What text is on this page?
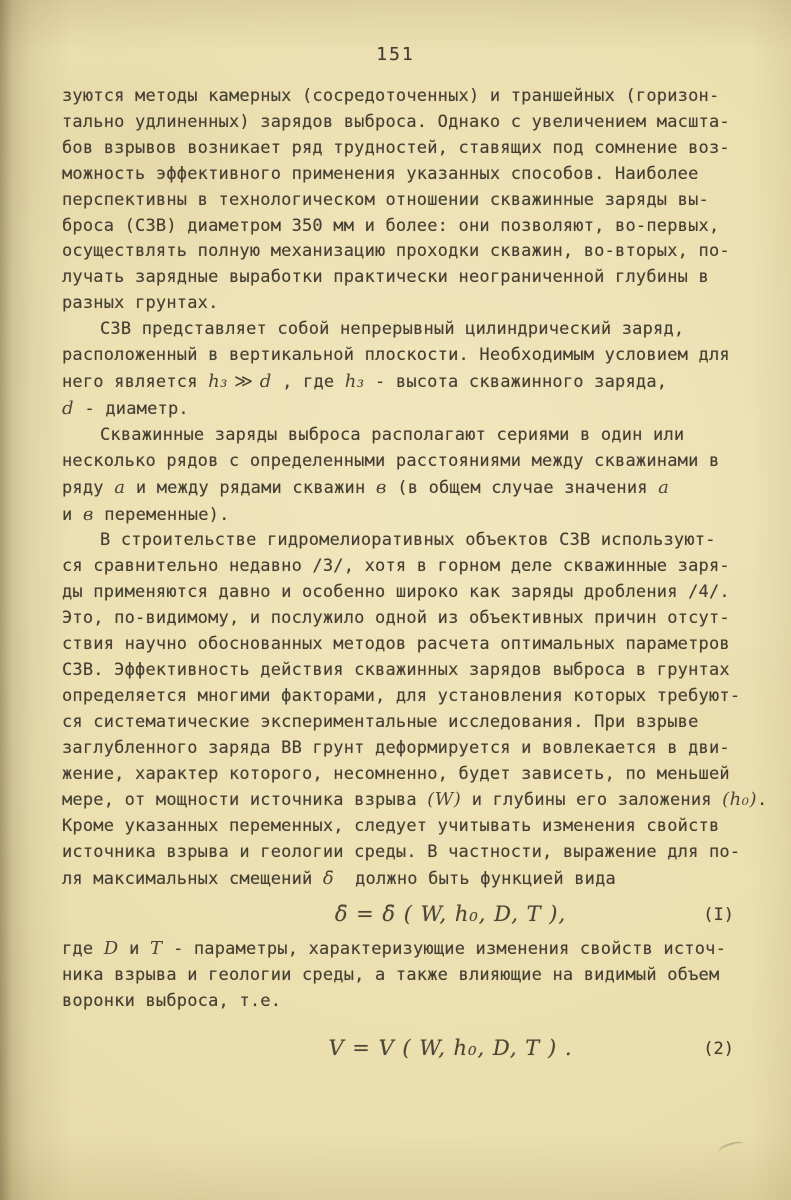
151
зуются методы камерных (сосредоточенных) и траншейных (горизон-
тально удлиненных) зарядов выброса. Однако с увеличением масшта-
бов взрывов возникает ряд трудностей, ставящих под сомнение воз-
можность эффективного применения указанных способов. Наиболее
перспективны в технологическом отношении скважинные заряды вы-
броса (СЗВ) диаметром 350 мм и более: они позволяют, во-первых,
осуществлять полную механизацию проходки скважин, во-вторых, по-
лучать зарядные выработки практически неограниченной глубины в
разных грунтах.
СЗВ представляет собой непрерывный цилиндрический заряд,
расположенный в вертикальной плоскости. Необходимым условием для
него является h₃ ≫ d , где h₃ - высота скважинного заряда,
d - диаметр.
Скважинные заряды выброса располагают сериями в один или
несколько рядов с определенными расстояниями между скважинами в
ряду а и между рядами скважин в (в общем случае значения а
и в переменные).
В строительстве гидромелиоративных объектов СЗВ используют-
ся сравнительно недавно /3/, хотя в горном деле скважинные заря-
ды применяются давно и особенно широко как заряды дробления /4/.
Это, по-видимому, и послужило одной из объективных причин отсут-
ствия научно обоснованных методов расчета оптимальных параметров
СЗВ. Эффективность действия скважинных зарядов выброса в грунтах
определяется многими факторами, для установления которых требуют-
ся систематические экспериментальные исследования. При взрыве
заглубленного заряда ВВ грунт деформируется и вовлекается в дви-
жение, характер которого, несомненно, будет зависеть, по меньшей
мере, от мощности источника взрыва (W) и глубины его заложения (h₀).
Кроме указанных переменных, следует учитывать изменения свойств
источника взрыва и геологии среды. В частности, выражение для по-
ля максимальных смещений δ̄  должно быть функцией вида
δ̄ = δ̄ ( W, h₀, D, T ),	(I)
где D и T - параметры, характеризующие изменения свойств источ-
ника взрыва и геологии среды, а также влияющие на видимый объем
воронки выброса, т.е.
V = V ( W, h₀, D, T ) .	(2)
